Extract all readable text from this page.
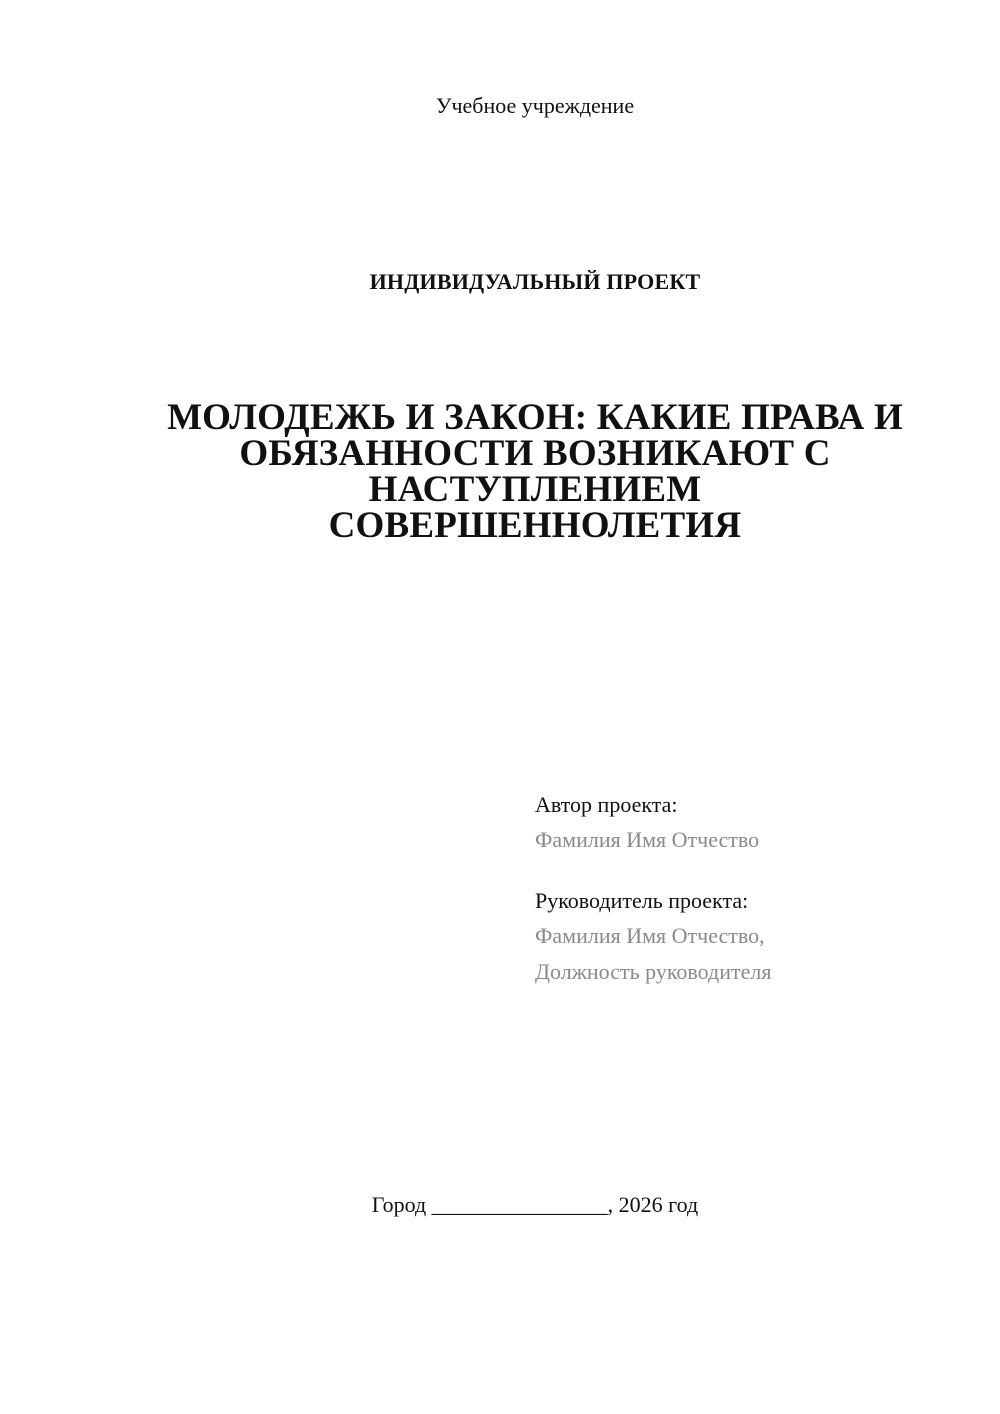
Учебное учреждение
ИНДИВИДУАЛЬНЫЙ ПРОЕКТ
МОЛОДЕЖЬ И ЗАКОН: КАКИЕ ПРАВА И
ОБЯЗАННОСТИ ВОЗНИКАЮТ С
НАСТУПЛЕНИЕМ
СОВЕРШЕННОЛЕТИЯ
Автор проекта:
Фамилия Имя Отчество
Руководитель проекта:
Фамилия Имя Отчество,
Должность руководителя
Город ________________, 2026 год
